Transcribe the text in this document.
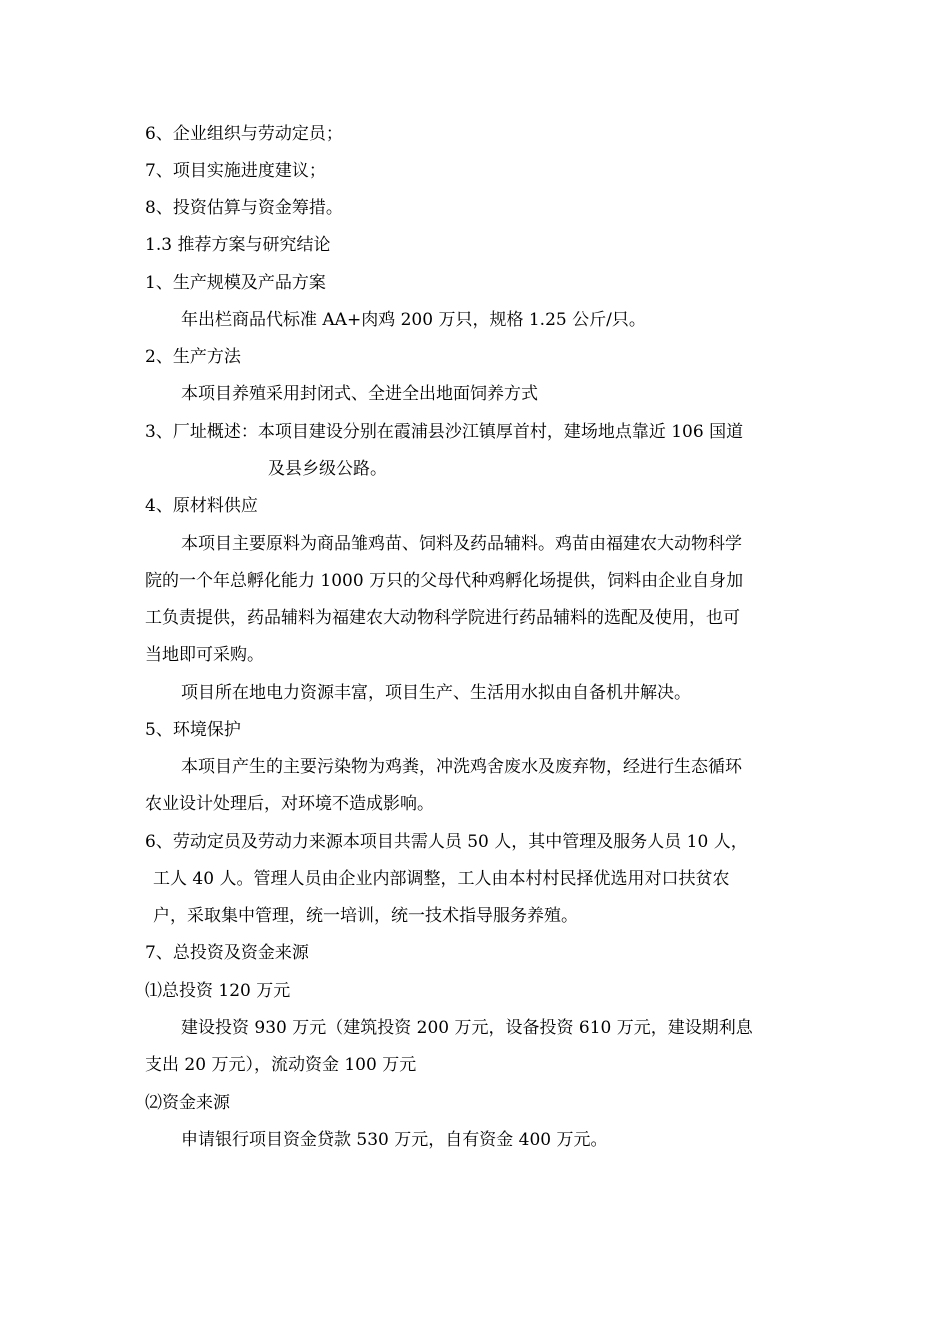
6、企业组织与劳动定员；
7、项目实施进度建议；
8、投资估算与资金筹措。
1.3 推荐方案与研究结论
1、生产规模及产品方案
年出栏商品代标准 AA+肉鸡 200 万只，规格 1.25 公斤/只。
2、生产方法
本项目养殖采用封闭式、全进全出地面饲养方式
3、厂址概述：本项目建设分别在霞浦县沙江镇厚首村，建场地点靠近 106 国道
及县乡级公路。
4、原材料供应
本项目主要原料为商品雏鸡苗、饲料及药品辅料。鸡苗由福建农大动物科学
院的一个年总孵化能力 1000 万只的父母代种鸡孵化场提供，饲料由企业自身加
工负责提供，药品辅料为福建农大动物科学院进行药品辅料的选配及使用，也可
当地即可采购。
项目所在地电力资源丰富，项目生产、生活用水拟由自备机井解决。
5、环境保护
本项目产生的主要污染物为鸡粪，冲洗鸡舍废水及废弃物，经进行生态循环
农业设计处理后，对环境不造成影响。
6、劳动定员及劳动力来源本项目共需人员 50 人，其中管理及服务人员 10 人，
工人 40 人。管理人员由企业内部调整，工人由本村村民择优选用对口扶贫农
户，采取集中管理，统一培训，统一技术指导服务养殖。
7、总投资及资金来源
⑴总投资 120 万元
建设投资 930 万元（建筑投资 200 万元，设备投资 610 万元，建设期利息
支出 20 万元），流动资金 100 万元
⑵资金来源
申请银行项目资金贷款 530 万元，自有资金 400 万元。
